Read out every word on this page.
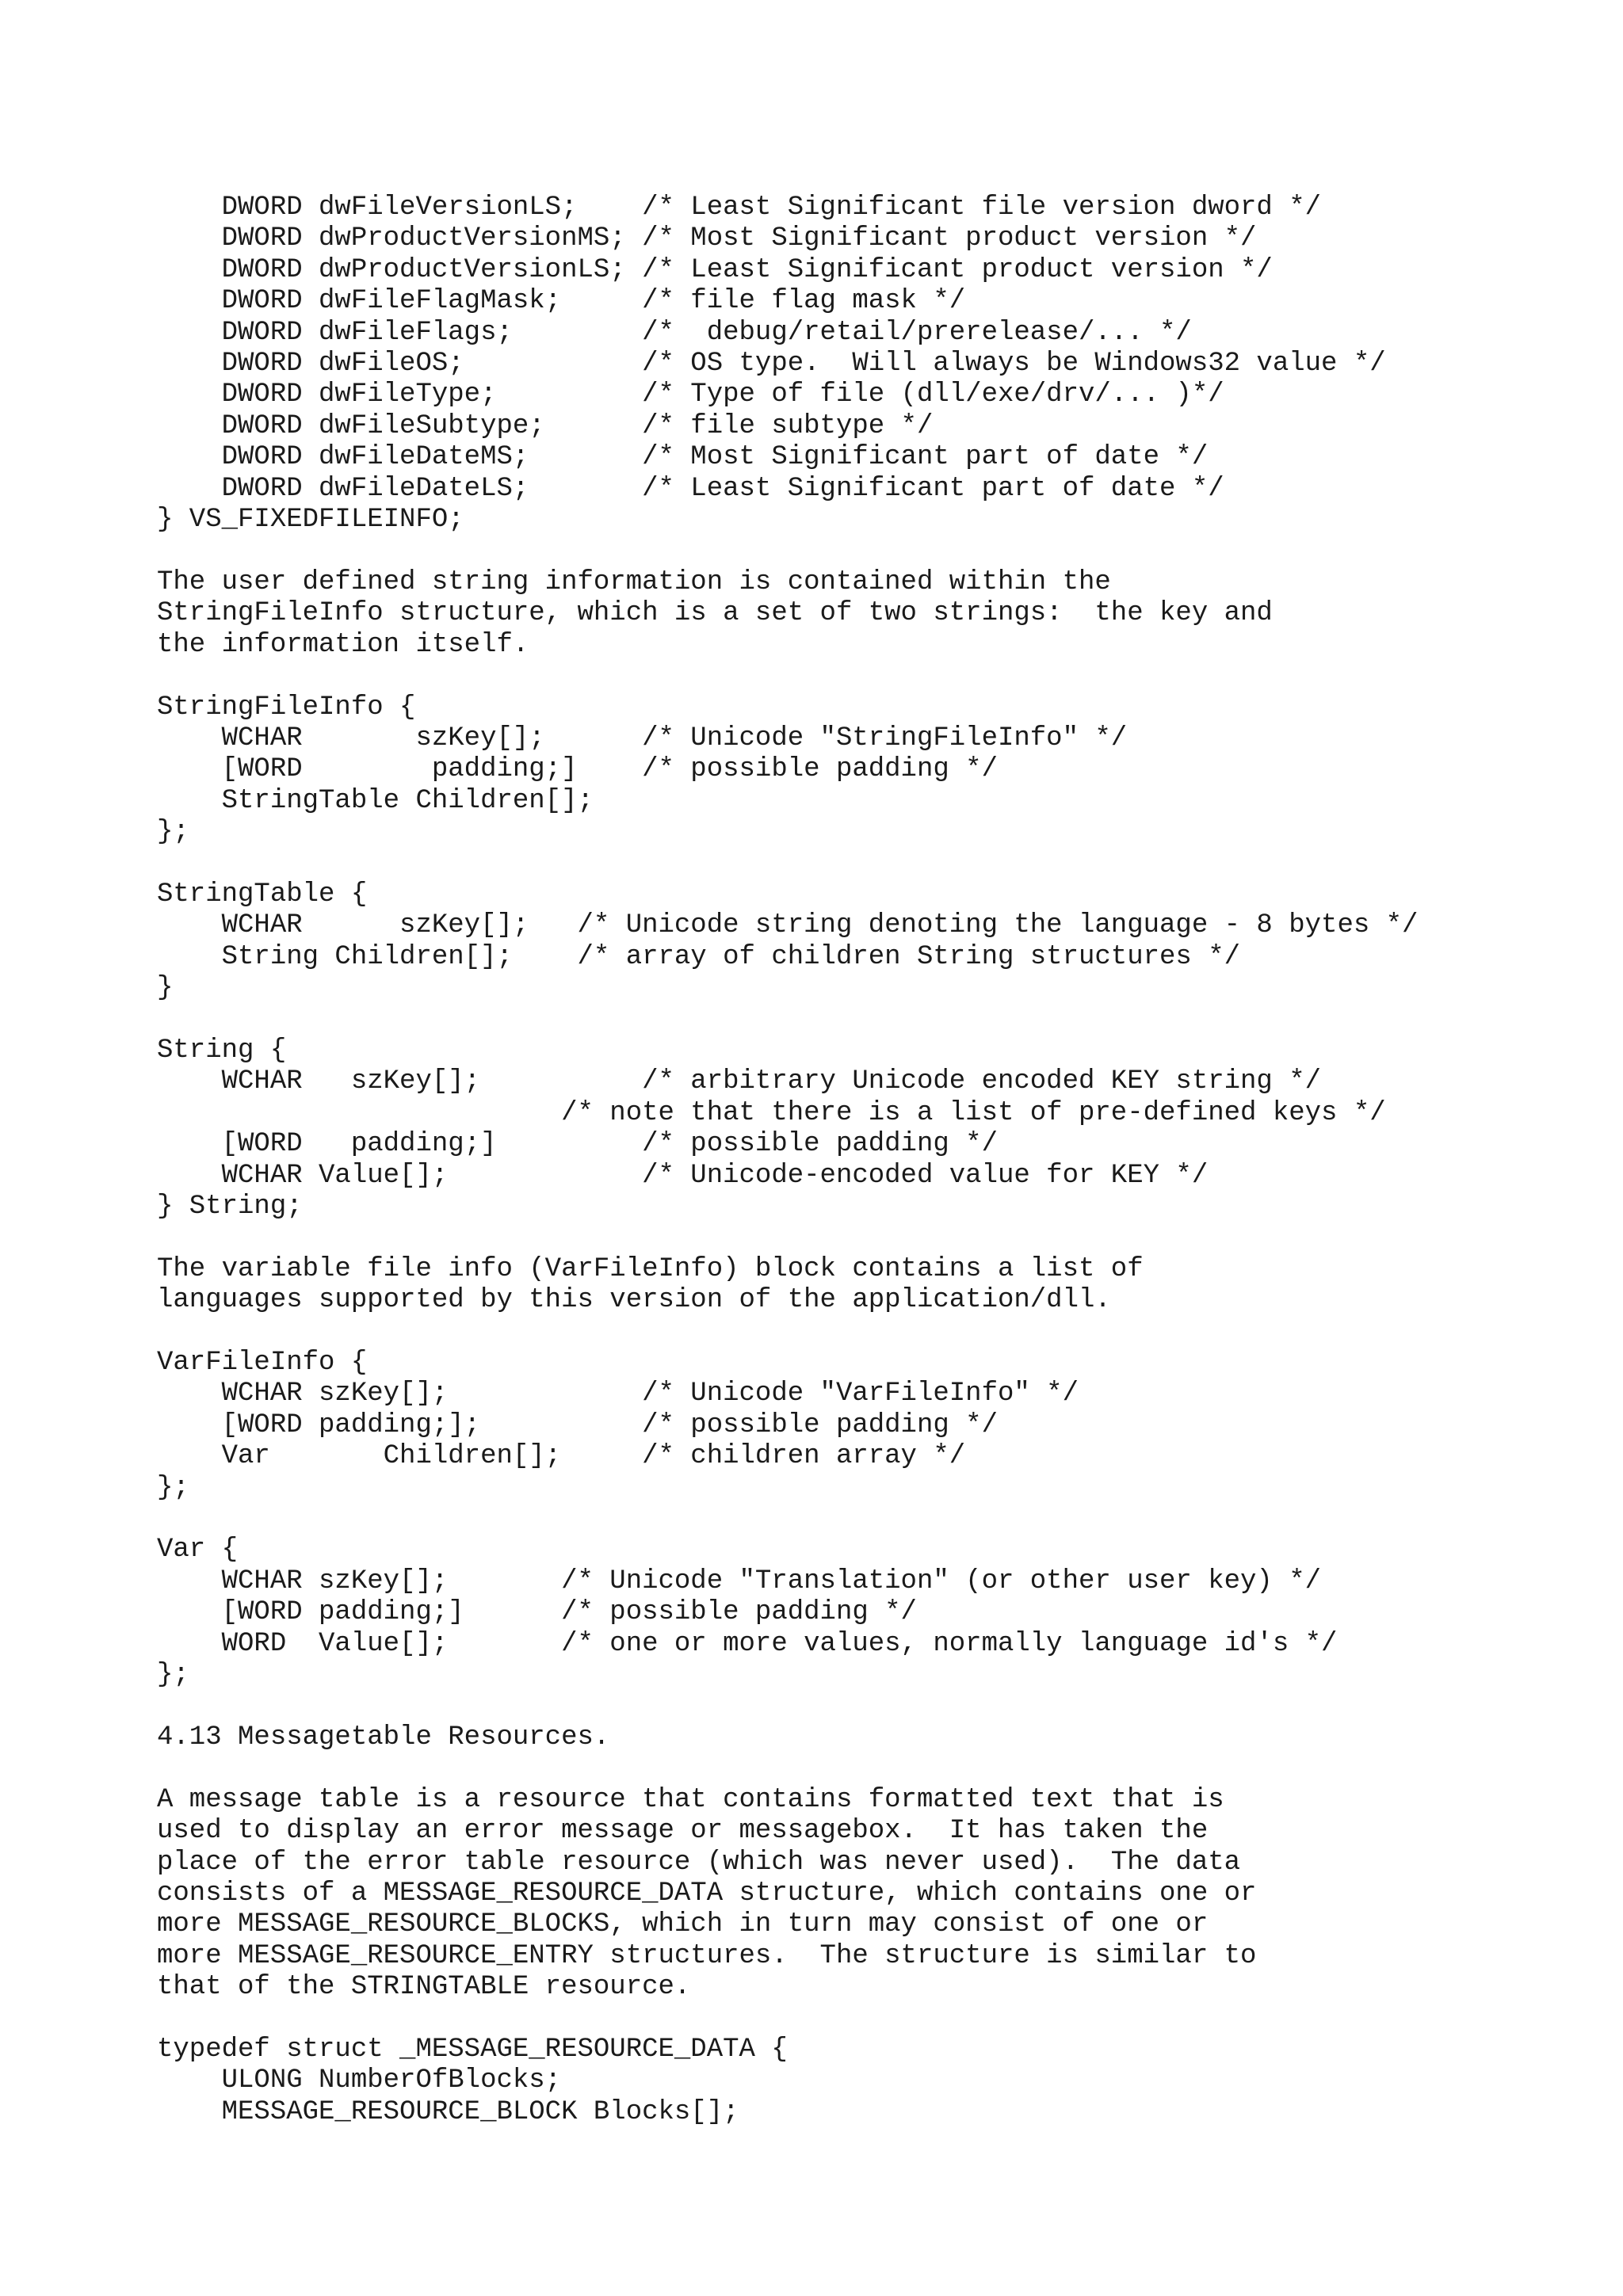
DWORD dwFileVersionLS;    /* Least Significant file version dword */
DWORD dwProductVersionMS; /* Most Significant product version */
DWORD dwProductVersionLS; /* Least Significant product version */
DWORD dwFileFlagMask;     /* file flag mask */
DWORD dwFileFlags;        /*  debug/retail/prerelease/... */
DWORD dwFileOS;           /* OS type.  Will always be Windows32 value */
DWORD dwFileType;         /* Type of file (dll/exe/drv/... )*/
DWORD dwFileSubtype;      /* file subtype */
DWORD dwFileDateMS;       /* Most Significant part of date */
DWORD dwFileDateLS;       /* Least Significant part of date */
} VS_FIXEDFILEINFO;

The user defined string information is contained within the
StringFileInfo structure, which is a set of two strings:  the key and
the information itself.

StringFileInfo {
WCHAR       szKey[];      /* Unicode "StringFileInfo" */
[WORD        padding;]    /* possible padding */
StringTable Children[];
};

StringTable {
WCHAR      szKey[];   /* Unicode string denoting the language - 8 bytes */
String Children[];    /* array of children String structures */
}

String {
WCHAR   szKey[];          /* arbitrary Unicode encoded KEY string */
/* note that there is a list of pre-defined keys */
[WORD   padding;]         /* possible padding */
WCHAR Value[];            /* Unicode-encoded value for KEY */
} String;

The variable file info (VarFileInfo) block contains a list of
languages supported by this version of the application/dll.

VarFileInfo {
WCHAR szKey[];            /* Unicode "VarFileInfo" */
[WORD padding;];          /* possible padding */
Var       Children[];     /* children array */
};

Var {
WCHAR szKey[];       /* Unicode "Translation" (or other user key) */
[WORD padding;]      /* possible padding */
WORD  Value[];       /* one or more values, normally language id's */
};

4.13 Messagetable Resources.

A message table is a resource that contains formatted text that is
used to display an error message or messagebox.  It has taken the
place of the error table resource (which was never used).  The data
consists of a MESSAGE_RESOURCE_DATA structure, which contains one or
more MESSAGE_RESOURCE_BLOCKS, which in turn may consist of one or
more MESSAGE_RESOURCE_ENTRY structures.  The structure is similar to
that of the STRINGTABLE resource.

typedef struct _MESSAGE_RESOURCE_DATA {
ULONG NumberOfBlocks;
MESSAGE_RESOURCE_BLOCK Blocks[];
